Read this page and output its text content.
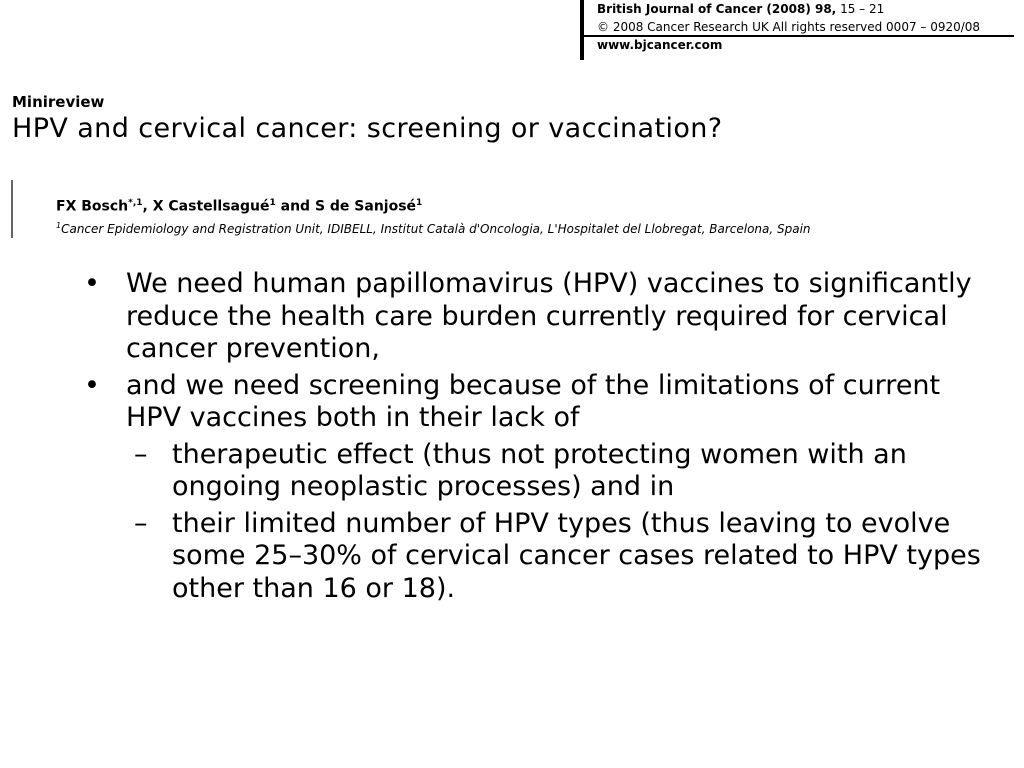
British Journal of Cancer (2008) 98, 15 – 21
© 2008 Cancer Research UK All rights reserved 0007 – 0920/08
www.bjcancer.com
Minireview
HPV and cervical cancer: screening or vaccination?
FX Bosch$^{*,1}$, X Castellsagué$^1$ and S de Sanjosé$^1$
$^1$Cancer Epidemiology and Registration Unit, IDIBELL, Institut Català d'Oncologia, L'Hospitalet del Llobregat, Barcelona, Spain
• We need human papillomavirus (HPV) vaccines to significantly reduce the health care burden currently required for cervical cancer prevention,
• and we need screening because of the limitations of current HPV vaccines both in their lack of
– therapeutic effect (thus not protecting women with an ongoing neoplastic processes) and in
– their limited number of HPV types (thus leaving to evolve some 25–30% of cervical cancer cases related to HPV types other than 16 or 18).
